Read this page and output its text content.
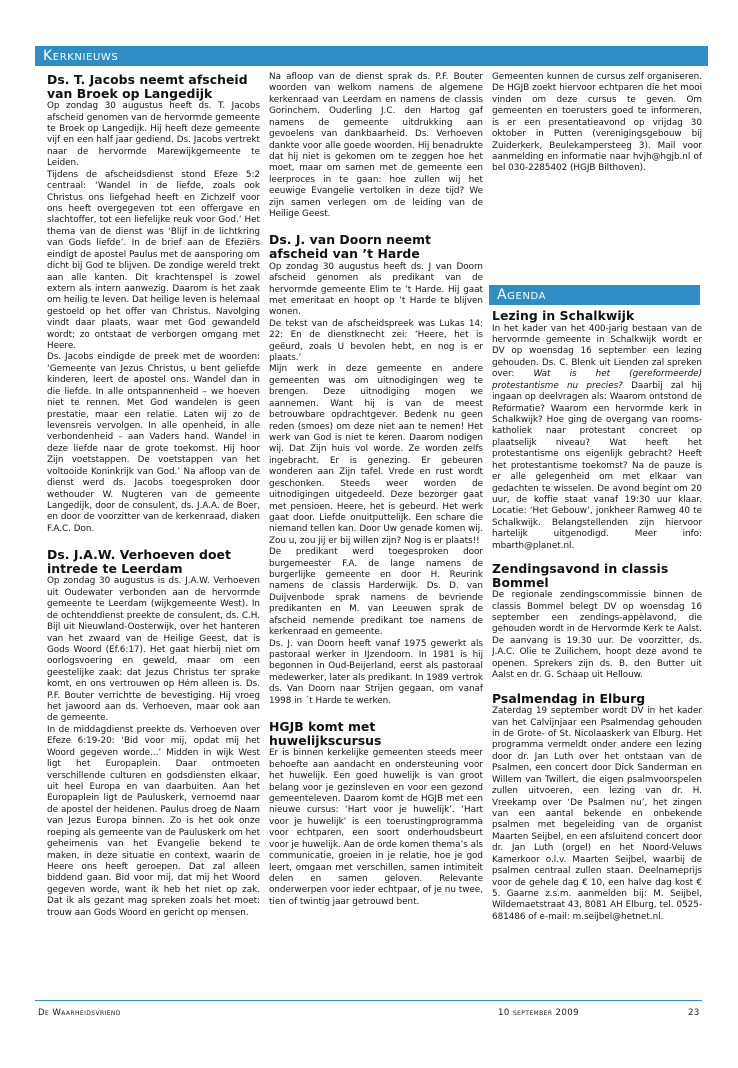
Kerknieuws
Ds. T. Jacobs neemt afscheid van Broek op Langedijk

Op zondag 30 augustus heeft ds. T. Jacobs afscheid genomen van de hervormde gemeente te Broek op Langedijk. Hij heeft deze gemeente vijf en een half jaar gediend. Ds. Jacobs vertrekt naar de hervormde Marewijkgemeente te Leiden.

Tijdens de afscheidsdienst stond Efeze 5:2 centraal: ‘Wandel in de liefde, zoals ook Christus ons liefgehad heeft en Zichzelf voor ons heeft overgegeven tot een offergave en slachtoffer, tot een liefelijke reuk voor God.’ Het thema van de dienst was ‘Blijf in de lichtkring van Gods liefde’. In de brief aan de Efeziërs eindigt de apostel Paulus met de aansporing om dicht bij God te blijven. De zondige wereld trekt aan alle kanten. Dit krachtenspel is zowel extern als intern aanwezig. Daarom is het zaak om heilig te leven. Dat heilige leven is helemaal gestoeld op het offer van Christus. Navolging vindt daar plaats, waar met God gewandeld wordt; zo ontstaat de verborgen omgang met Heere.

Ds. Jacobs eindigde de preek met de woorden: ‘Gemeente van Jezus Christus, u bent geliefde kinderen, leert de apostel ons. Wandel dan in die liefde. In alle ontspannenheid – we hoeven niet te rennen. Met God wandelen is geen prestatie, maar een relatie. Laten wij zo de levensreis vervolgen. In alle openheid, in alle verbondenheid – aan Vaders hand. Wandel in deze liefde naar de grote toekomst. Hij hoor Zijn voetstappen. De voetstappen van het voltooide Koninkrijk van God.’ Na afloop van de dienst werd ds. Jacobs toegesproken door wethouder W. Nugteren van de gemeente Langedijk, door de consulent, ds. J.A.A. de Boer, en door de voorzitter van de kerkenraad, diaken F.A.C. Don.

Ds. J.A.W. Verhoeven doet intrede te Leerdam

Op zondag 30 augustus is ds. J.A.W. Verhoeven uit Oudewater verbonden aan de hervormde gemeente te Leerdam (wijkgemeente West). In de ochtenddienst preekte de consulent, ds. C.H. Bijl uit Nieuwland-Oosterwijk, over het hanteren van het zwaard van de Heilige Geest, dat is Gods Woord (Ef.6:17). Het gaat hierbij niet om oorlogsvoering en geweld, maar om een geestelijke zaak: dat Jezus Christus ter sprake komt, en ons vertrouwen op Hém alleen is. Ds. P.F. Bouter verrichtte de bevestiging. Hij vroeg het jawoord aan ds. Verhoeven, maar ook aan de gemeente.

In de middagdienst preekte ds. Verhoeven over Efeze 6:19-20: ‘Bid voor mij, opdat mij het Woord gegeven worde...’ Midden in wijk West ligt het Europaplein. Daar ontmoeten verschillende culturen en godsdiensten elkaar, uit heel Europa en van daarbuiten. Aan het Europaplein ligt de Pauluskerk, vernoemd naar de apostel der heidenen. Paulus droeg de Naam van Jezus Europa binnen. Zo is het ook onze roeping als gemeente van de Pauluskerk om het geheimenis van het Evangelie bekend te maken, in deze situatie en context, waarin de Heere ons heeft geroepen. Dat zal alleen biddend gaan. Bid voor mij, dat mij het Woord gegeven worde, want ik heb het niet op zak. Dat ik als gezant mag spreken zoals het moet: trouw aan Gods Woord en gericht op mensen.

Na afloop van de dienst sprak ds. P.F. Bouter woorden van welkom namens de algemene kerkenraad van Leerdam en namens de classis Gorinchem. Ouderling J.C. den Hartog gaf namens de gemeente uitdrukking aan gevoelens van dankbaarheid. Ds. Verhoeven dankte voor alle goede woorden. Hij benadrukte dat hij niet is gekomen om te zeggen hoe het moet, maar om samen met de gemeente een leerproces in te gaan: hoe zullen wij het eeuwige Evangelie vertolken in deze tijd? We zijn samen verlegen om de leiding van de Heilige Geest.

Ds. J. van Doorn neemt afscheid van ’t Harde

Op zondag 30 augustus heeft ds. J van Doorn afscheid genomen als predikant van de hervormde gemeente Elim te ’t Harde. Hij gaat met emeritaat en hoopt op ’t Harde te blijven wonen.

De tekst van de afscheidspreek was Lukas 14: 22: En de dienstknecht zei: ‘Heere, het is geëurd, zoals U bevolen hebt, en nog is er plaats.’

Mijn werk in deze gemeente en andere gemeenten was om uitnodigingen weg te brengen. Deze uitnodiging mogen we aannemen. Want hij is van de meest betrouwbare opdrachtgever. Bedenk nu geen reden (smoes) om deze niet aan te nemen! Het werk van God is niet te keren. Daarom nodigen wij. Dat Zijn huis vol worde. Ze worden zelfs ingebracht. Er is genezing. Er gebeuren wonderen aan Zijn tafel. Vrede en rust wordt geschonken. Steeds weer worden de uitnodigingen uitgedeeld. Deze bezorger gaat met pensioen. Heere, het is gebeurd. Het werk gaat door. Liefde onuitputtelijk. Een schare die niemand tellen kan. Door Uw genade komen wij. Zou u, zou jij er bij willen zijn? Nog is er plaats!!

De predikant werd toegesproken door burgemeester F.A. de lange namens de burgerlijke gemeente en door H. Reurink namens de classis Harderwijk. Ds. D. van Duijvenbode sprak namens de bevriende predikanten en M. van Leeuwen sprak de afscheid nemende predikant toe namens de kerkenraad en gemeente.

Ds. J. van Doorn heeft vanaf 1975 gewerkt als pastoraal werker in IJzendoorn. In 1981 is hij begonnen in Oud-Beijerland, eerst als pastoraal medewerker, later als predikant. In 1989 vertrok ds. Van Doorn naar Strijen gegaan, om vanaf 1998 in ´t Harde te werken.

HGJB komt met huwelijkscursus

Er is binnen kerkelijke gemeenten steeds meer behoefte aan aandacht en ondersteuning voor het huwelijk. Een goed huwelijk is van groot belang voor je gezinsleven en voor een gezond gemeenteleven. Daarom komt de HGJB met een nieuwe cursus: ‘Hart voor je huwelijk’. ‘Hart voor je huwelijk’ is een toerustingprogramma voor echtparen, een soort onderhoudsbeurt voor je huwelijk. Aan de orde komen thema’s als communicatie, groeien in je relatie, hoe je god leert, omgaan met verschillen, samen intimiteit delen en samen geloven. Relevante onderwerpen voor ieder echtpaar, of je nu twee, tien of twintig jaar getrouwd bent.

Gemeenten kunnen de cursus zelf organiseren. De HGJB zoekt hiervoor echtparen die het mooi vinden om deze cursus te geven. Om gemeenten en toerusters goed te informeren, is er een presentatieavond op vrijdag 30 oktober in Putten (verenigingsgebouw bij Zuiderkerk, Beulekampersteeg 3). Mail voor aanmelding en informatie naar hvjh@hgjb.nl of bel 030-2285402 (HGJB Bilthoven).

Agenda
Lezing in Schalkwijk

In het kader van het 400-jarig bestaan van de hervormde gemeente in Schalkwijk wordt er DV op woensdag 16 september een lezing gehouden. Ds. C. Blenk uit Lienden zal spreken over: Wat is het (gereformeerde) protestantisme nu precies? Daarbij zal hij ingaan op deelvragen als: Waarom ontstond de Reformatie? Waarom een hervormde kerk in Schalkwijk? Hoe ging de overgang van rooms-katholiek naar protestant concreet op plaatselijk niveau? Wat heeft het protestantisme ons eigenlijk gebracht? Heeft het protestantisme toekomst? Na de pauze is er alle gelegenheid om met elkaar van gedachten te wisselen. De avond begint om 20 uur, de koffie staat vanaf 19:30 uur klaar. Locatie: ‘Het Gebouw’, jonkheer Ramweg 40 te Schalkwijk. Belangstellenden zijn hiervoor hartelijk uitgenodigd. Meer info: mbarth@planet.nl.

Zendingsavond in classis Bommel

De regionale zendingscommissie binnen de classis Bommel belegt DV op woensdag 16 september een zendings-appèlavond, die gehouden wordt in de Hervormde Kerk te Aalst. De aanvang is 19.30 uur. De voorzitter, ds. J.A.C. Olie te Zuilichem, hoopt deze avond te openen. Sprekers zijn ds. B. den Butter uit Aalst en dr. G. Schaap uit Hellouw.

Psalmendag in Elburg

Zaterdag 19 september wordt DV in het kader van het Calvijnjaar een Psalmendag gehouden in de Grote- of St. Nicolaaskerk van Elburg. Het programma vermeldt onder andere een lezing door dr. Jan Luth over het ontstaan van de Psalmen, een concert door Dick Sanderman en Willem van Twillert, die eigen psalmvoorspelen zullen uitvoeren, een lezing van dr. H. Vreekamp over ‘De Psalmen nu’, het zingen van een aantal bekende en onbekende psalmen met begeleiding van de organist Maarten Seijbel, en een afsluitend concert door dr. Jan Luth (orgel) en het Noord-Veluws Kamerkoor o.l.v. Maarten Seijbel, waarbij de psalmen centraal zullen staan. Deelnameprijs voor de gehele dag € 10, een halve dag kost € 5. Gaarne z.s.m. aanmelden bij: M. Seijbel, Wildemaetstraat 43, 8081 AH Elburg, tel. 0525-681486 of e-mail: m.seijbel@hetnet.nl.

De Waarheidsvriend	10 september 2009	23
